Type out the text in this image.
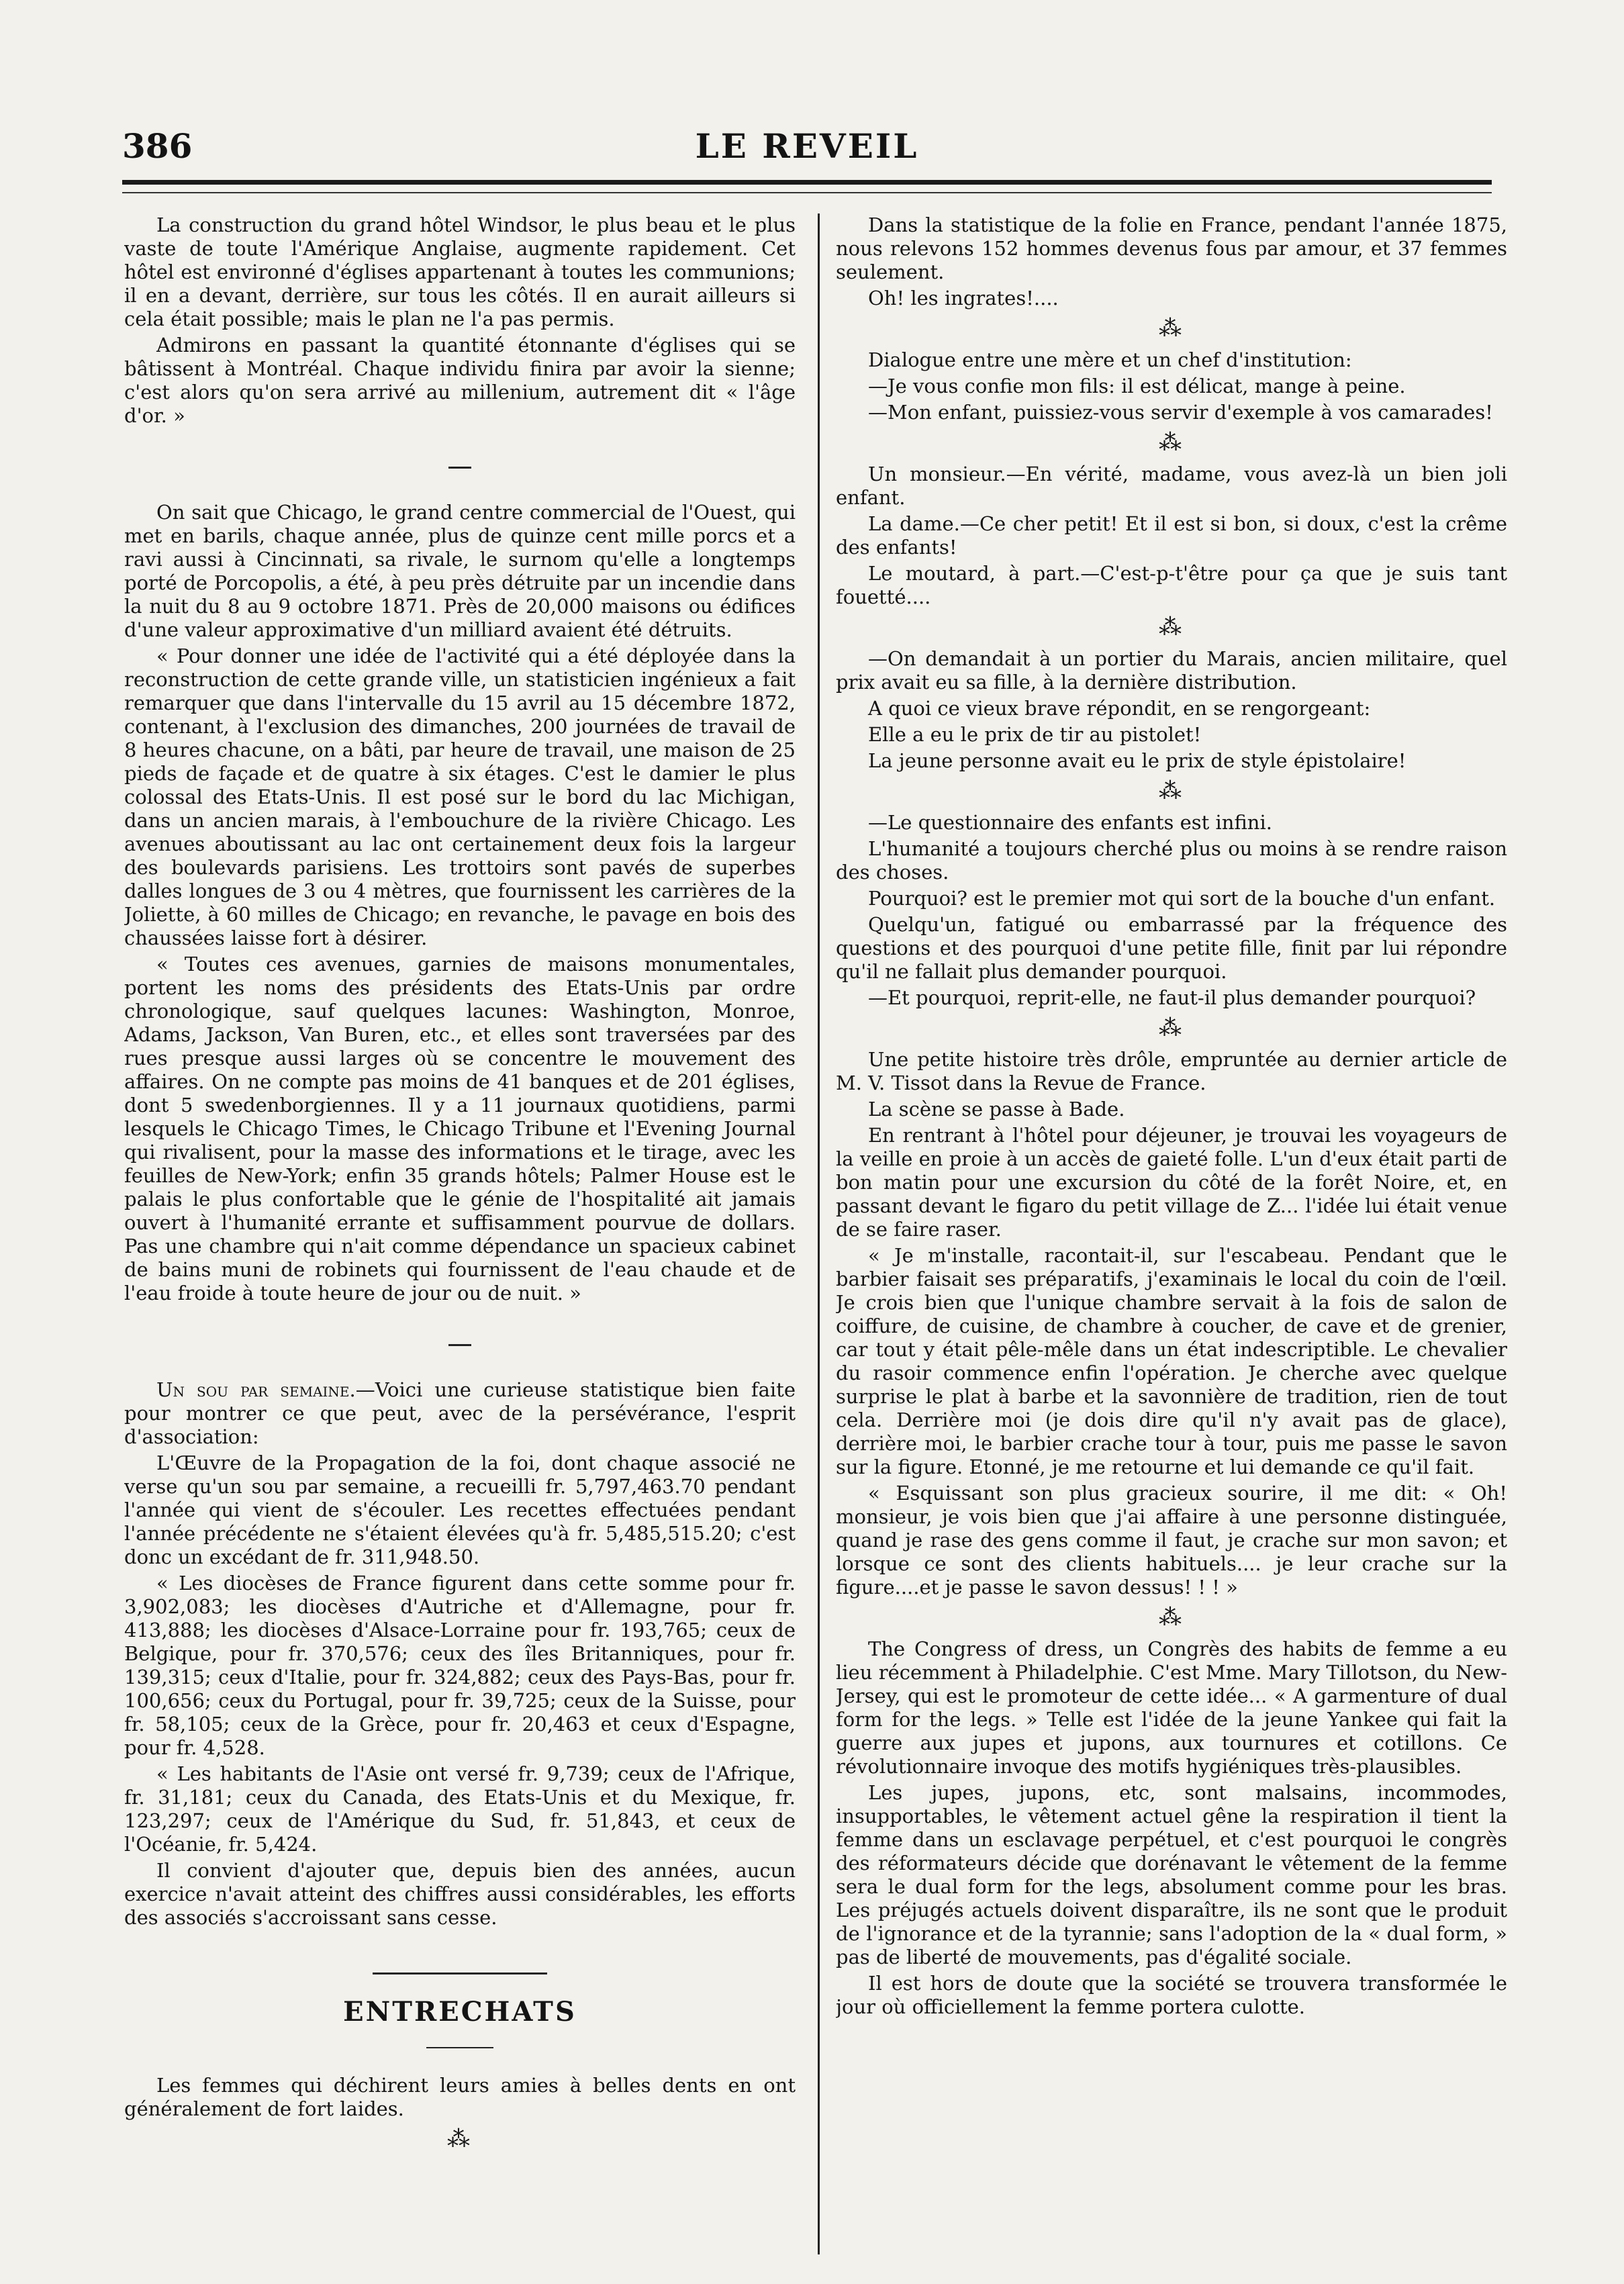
386	LE REVEIL

La construction du grand hôtel Windsor, le plus beau et le plus vaste de toute l'Amérique Anglaise, augmente rapidement. Cet hôtel est environné d'églises appartenant à toutes les communions; il en a devant, derrière, sur tous les côtés. Il en aurait ailleurs si cela était possible; mais le plan ne l'a pas permis.

Admirons en passant la quantité étonnante d'églises qui se bâtissent à Montréal. Chaque individu finira par avoir la sienne; c'est alors qu'on sera arrivé au millenium, autrement dit « l'âge d'or. »

On sait que Chicago, le grand centre commercial de l'Ouest, qui met en barils, chaque année, plus de quinze cent mille porcs et a ravi aussi à Cincinnati, sa rivale, le surnom qu'elle a longtemps porté de Porcopolis, a été, à peu près détruite par un incendie dans la nuit du 8 au 9 octobre 1871. Près de 20,000 maisons ou édifices d'une valeur approximative d'un milliard avaient été détruits.

« Pour donner une idée de l'activité qui a été déployée dans la reconstruction de cette grande ville, un statisticien ingénieux a fait remarquer que dans l'intervalle du 15 avril au 15 décembre 1872, contenant, à l'exclusion des dimanches, 200 journées de travail de 8 heures chacune, on a bâti, par heure de travail, une maison de 25 pieds de façade et de quatre à six étages. C'est le damier le plus colossal des Etats-Unis. Il est posé sur le bord du lac Michigan, dans un ancien marais, à l'embouchure de la rivière Chicago. Les avenues aboutissant au lac ont certainement deux fois la largeur des boulevards parisiens. Les trottoirs sont pavés de superbes dalles longues de 3 ou 4 mètres, que fournissent les carrières de la Joliette, à 60 milles de Chicago; en revanche, le pavage en bois des chaussées laisse fort à désirer.

« Toutes ces avenues, garnies de maisons monumentales, portent les noms des présidents des Etats-Unis par ordre chronologique, sauf quelques lacunes: Washington, Monroe, Adams, Jackson, Van Buren, etc., et elles sont traversées par des rues presque aussi larges où se concentre le mouvement des affaires. On ne compte pas moins de 41 banques et de 201 églises, dont 5 swedenborgiennes. Il y a 11 journaux quotidiens, parmi lesquels le Chicago Times, le Chicago Tribune et l'Evening Journal qui rivalisent, pour la masse des informations et le tirage, avec les feuilles de New-York; enfin 35 grands hôtels; Palmer House est le palais le plus confortable que le génie de l'hospitalité ait jamais ouvert à l'humanité errante et suffisamment pourvue de dollars. Pas une chambre qui n'ait comme dépendance un spacieux cabinet de bains muni de robinets qui fournissent de l'eau chaude et de l'eau froide à toute heure de jour ou de nuit. »

Un sou par semaine.—Voici une curieuse statistique bien faite pour montrer ce que peut, avec de la persévérance, l'esprit d'association:

L'Œuvre de la Propagation de la foi, dont chaque associé ne verse qu'un sou par semaine, a recueilli fr. 5,797,463.70 pendant l'année qui vient de s'écouler. Les recettes effectuées pendant l'année précédente ne s'étaient élevées qu'à fr. 5,485,515.20; c'est donc un excédant de fr. 311,948.50.

« Les diocèses de France figurent dans cette somme pour fr. 3,902,083; les diocèses d'Autriche et d'Allemagne, pour fr. 413,888; les diocèses d'Alsace-Lorraine pour fr. 193,765; ceux de Belgique, pour fr. 370,576; ceux des îles Britanniques, pour fr. 139,315; ceux d'Italie, pour fr. 324,882; ceux des Pays-Bas, pour fr. 100,656; ceux du Portugal, pour fr. 39,725; ceux de la Suisse, pour fr. 58,105; ceux de la Grèce, pour fr. 20,463 et ceux d'Espagne, pour fr. 4,528.

« Les habitants de l'Asie ont versé fr. 9,739; ceux de l'Afrique, fr. 31,181; ceux du Canada, des Etats-Unis et du Mexique, fr. 123,297; ceux de l'Amérique du Sud, fr. 51,843, et ceux de l'Océanie, fr. 5,424.

Il convient d'ajouter que, depuis bien des années, aucun exercice n'avait atteint des chiffres aussi considérables, les efforts des associés s'accroissant sans cesse.

ENTRECHATS

Les femmes qui déchirent leurs amies à belles dents en ont généralement de fort laides.

⁂

Dans la statistique de la folie en France, pendant l'année 1875, nous relevons 152 hommes devenus fous par amour, et 37 femmes seulement.

Oh! les ingrates!....

⁂

Dialogue entre une mère et un chef d'institution:

—Je vous confie mon fils: il est délicat, mange à peine.

—Mon enfant, puissiez-vous servir d'exemple à vos camarades!

⁂

Un monsieur.—En vérité, madame, vous avez-là un bien joli enfant.

La dame.—Ce cher petit! Et il est si bon, si doux, c'est la crême des enfants!

Le moutard, à part.—C'est-p-t'être pour ça que je suis tant fouetté....

⁂

—On demandait à un portier du Marais, ancien militaire, quel prix avait eu sa fille, à la dernière distribution.

A quoi ce vieux brave répondit, en se rengorgeant:

Elle a eu le prix de tir au pistolet!

La jeune personne avait eu le prix de style épistolaire!

⁂

—Le questionnaire des enfants est infini.

L'humanité a toujours cherché plus ou moins à se rendre raison des choses.

Pourquoi? est le premier mot qui sort de la bouche d'un enfant.

Quelqu'un, fatigué ou embarrassé par la fréquence des questions et des pourquoi d'une petite fille, finit par lui répondre qu'il ne fallait plus demander pourquoi.

—Et pourquoi, reprit-elle, ne faut-il plus demander pourquoi?

⁂

Une petite histoire très drôle, empruntée au dernier article de M. V. Tissot dans la Revue de France.

La scène se passe à Bade.

En rentrant à l'hôtel pour déjeuner, je trouvai les voyageurs de la veille en proie à un accès de gaieté folle. L'un d'eux était parti de bon matin pour une excursion du côté de la forêt Noire, et, en passant devant le figaro du petit village de Z... l'idée lui était venue de se faire raser.

« Je m'installe, racontait-il, sur l'escabeau. Pendant que le barbier faisait ses préparatifs, j'examinais le local du coin de l'œil. Je crois bien que l'unique chambre servait à la fois de salon de coiffure, de cuisine, de chambre à coucher, de cave et de grenier, car tout y était pêle-mêle dans un état indescriptible. Le chevalier du rasoir commence enfin l'opération. Je cherche avec quelque surprise le plat à barbe et la savonnière de tradition, rien de tout cela. Derrière moi (je dois dire qu'il n'y avait pas de glace), derrière moi, le barbier crache tour à tour, puis me passe le savon sur la figure. Etonné, je me retourne et lui demande ce qu'il fait.

« Esquissant son plus gracieux sourire, il me dit: « Oh! monsieur, je vois bien que j'ai affaire à une personne distinguée, quand je rase des gens comme il faut, je crache sur mon savon; et lorsque ce sont des clients habituels.... je leur crache sur la figure....et je passe le savon dessus! ! ! »

⁂

The Congress of dress, un Congrès des habits de femme a eu lieu récemment à Philadelphie. C'est Mme. Mary Tillotson, du New-Jersey, qui est le promoteur de cette idée... « A garmenture of dual form for the legs. » Telle est l'idée de la jeune Yankee qui fait la guerre aux jupes et jupons, aux tournures et cotillons. Ce révolutionnaire invoque des motifs hygiéniques très-plausibles.

Les jupes, jupons, etc, sont malsains, incommodes, insupportables, le vêtement actuel gêne la respiration il tient la femme dans un esclavage perpétuel, et c'est pourquoi le congrès des réformateurs décide que dorénavant le vêtement de la femme sera le dual form for the legs, absolument comme pour les bras. Les préjugés actuels doivent disparaître, ils ne sont que le produit de l'ignorance et de la tyrannie; sans l'adoption de la « dual form, » pas de liberté de mouvements, pas d'égalité sociale.

Il est hors de doute que la société se trouvera transformée le jour où officiellement la femme portera culotte.
